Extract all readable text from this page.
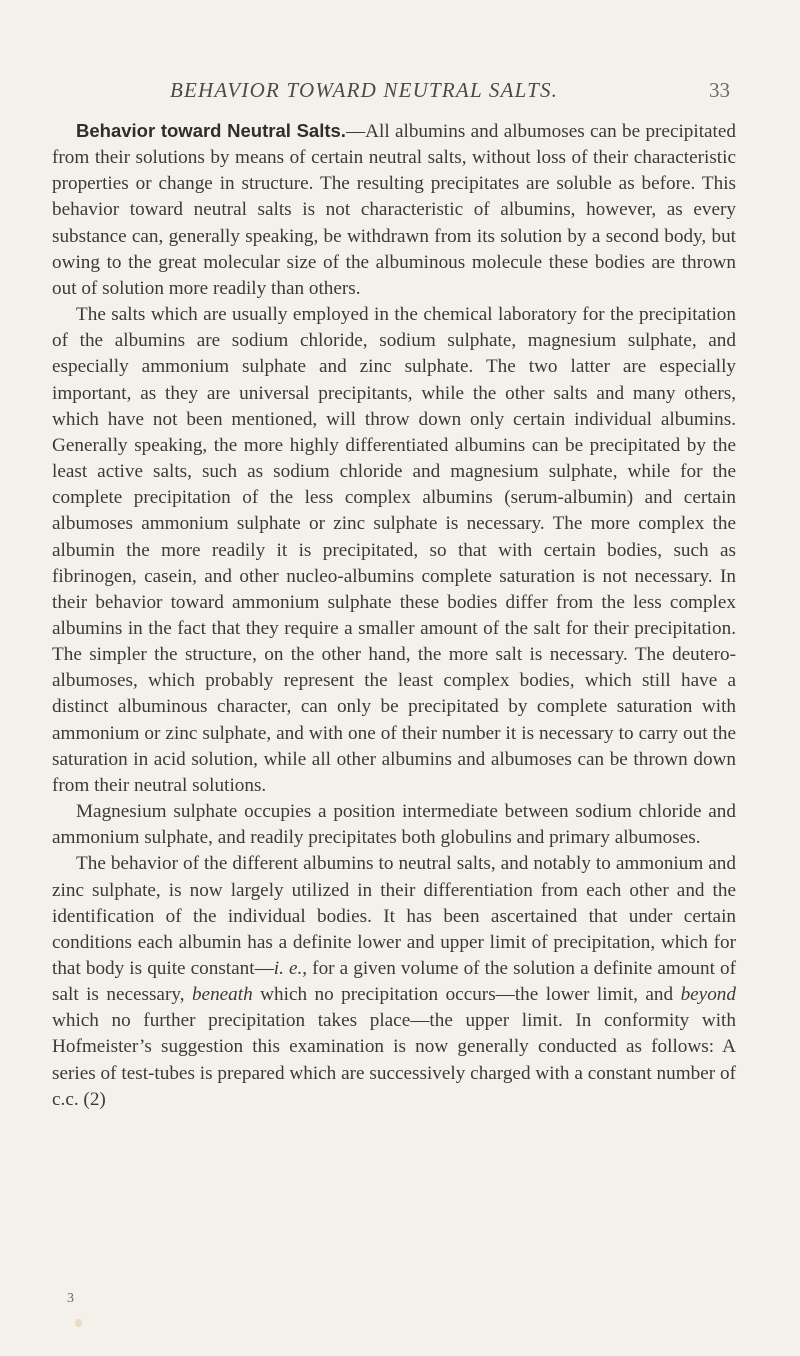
BEHAVIOR TOWARD NEUTRAL SALTS.	33

Behavior toward Neutral Salts.—All albumins and albumoses can be precipitated from their solutions by means of certain neutral salts, without loss of their characteristic properties or change in structure. The resulting precipitates are soluble as before. This behavior toward neutral salts is not characteristic of albumins, however, as every substance can, generally speaking, be withdrawn from its solution by a second body, but owing to the great molecular size of the albuminous molecule these bodies are thrown out of solution more readily than others.

The salts which are usually employed in the chemical laboratory for the precipitation of the albumins are sodium chloride, sodium sulphate, magnesium sulphate, and especially ammonium sulphate and zinc sulphate. The two latter are especially important, as they are universal precipitants, while the other salts and many others, which have not been mentioned, will throw down only certain individual albumins. Generally speaking, the more highly differentiated albumins can be precipitated by the least active salts, such as sodium chloride and magnesium sulphate, while for the complete precipitation of the less complex albumins (serum-albumin) and certain albumoses ammonium sulphate or zinc sulphate is necessary. The more complex the albumin the more readily it is precipitated, so that with certain bodies, such as fibrinogen, casein, and other nucleo-albumins complete saturation is not necessary. In their behavior toward ammonium sulphate these bodies differ from the less complex albumins in the fact that they require a smaller amount of the salt for their precipitation. The simpler the structure, on the other hand, the more salt is necessary. The deutero-albumoses, which probably represent the least complex bodies, which still have a distinct albuminous character, can only be precipitated by complete saturation with ammonium or zinc sulphate, and with one of their number it is necessary to carry out the saturation in acid solution, while all other albumins and albumoses can be thrown down from their neutral solutions.

Magnesium sulphate occupies a position intermediate between sodium chloride and ammonium sulphate, and readily precipitates both globulins and primary albumoses.

The behavior of the different albumins to neutral salts, and notably to ammonium and zinc sulphate, is now largely utilized in their differentiation from each other and the identification of the individual bodies. It has been ascertained that under certain conditions each albumin has a definite lower and upper limit of precipitation, which for that body is quite constant—i. e., for a given volume of the solution a definite amount of salt is necessary, beneath which no precipitation occurs—the lower limit, and beyond which no further precipitation takes place—the upper limit. In conformity with Hofmeister’s suggestion this examination is now generally conducted as follows: A series of test-tubes is prepared which are successively charged with a constant number of c.c. (2)

3
